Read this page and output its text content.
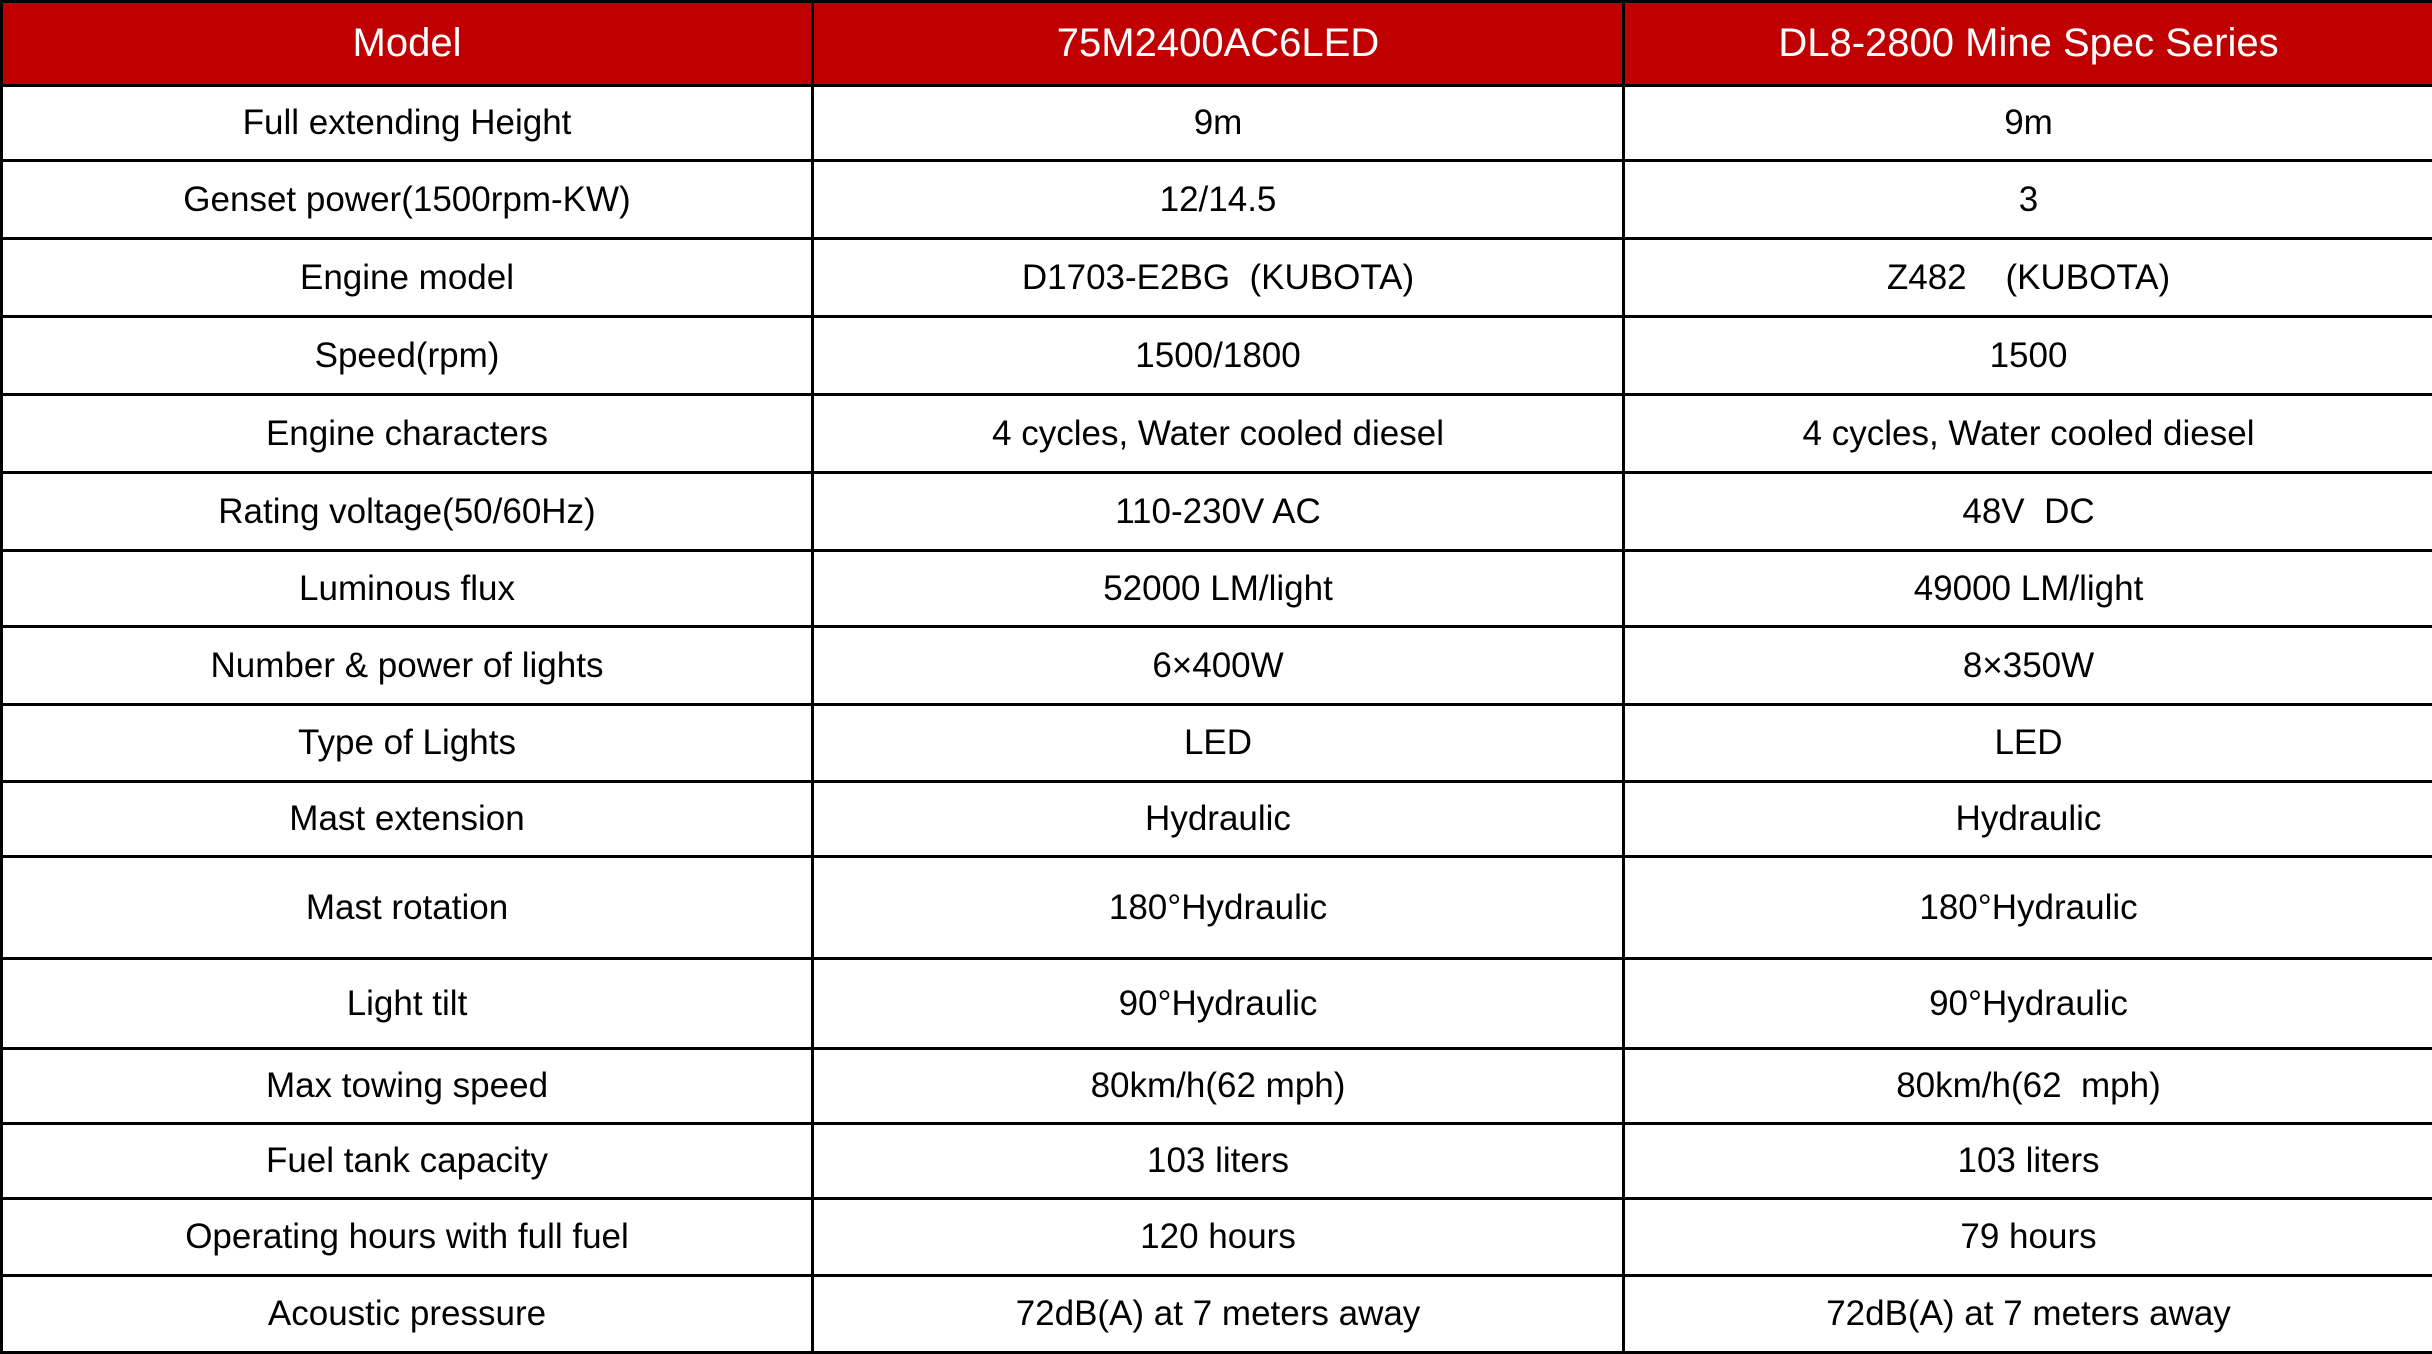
Model	75M2400AC6LED	DL8-2800 Mine Spec Series
Full extending Height	9m	9m
Genset power(1500rpm-KW)	12/14.5	3
Engine model	D1703-E2BG  (KUBOTA)	Z482    (KUBOTA)
Speed(rpm)	1500/1800	1500
Engine characters	4 cycles, Water cooled diesel	4 cycles, Water cooled diesel
Rating voltage(50/60Hz)	110-230V AC	48V  DC
Luminous flux	52000 LM/light	49000 LM/light
Number & power of lights	6×400W	8×350W
Type of Lights	LED	LED
Mast extension	Hydraulic	Hydraulic
Mast rotation	180°Hydraulic	180°Hydraulic
Light tilt	90°Hydraulic	90°Hydraulic
Max towing speed	80km/h(62 mph)	80km/h(62  mph)
Fuel tank capacity	103 liters	103 liters
Operating hours with full fuel	120 hours	79 hours
Acoustic pressure	72dB(A) at 7 meters away	72dB(A) at 7 meters away
